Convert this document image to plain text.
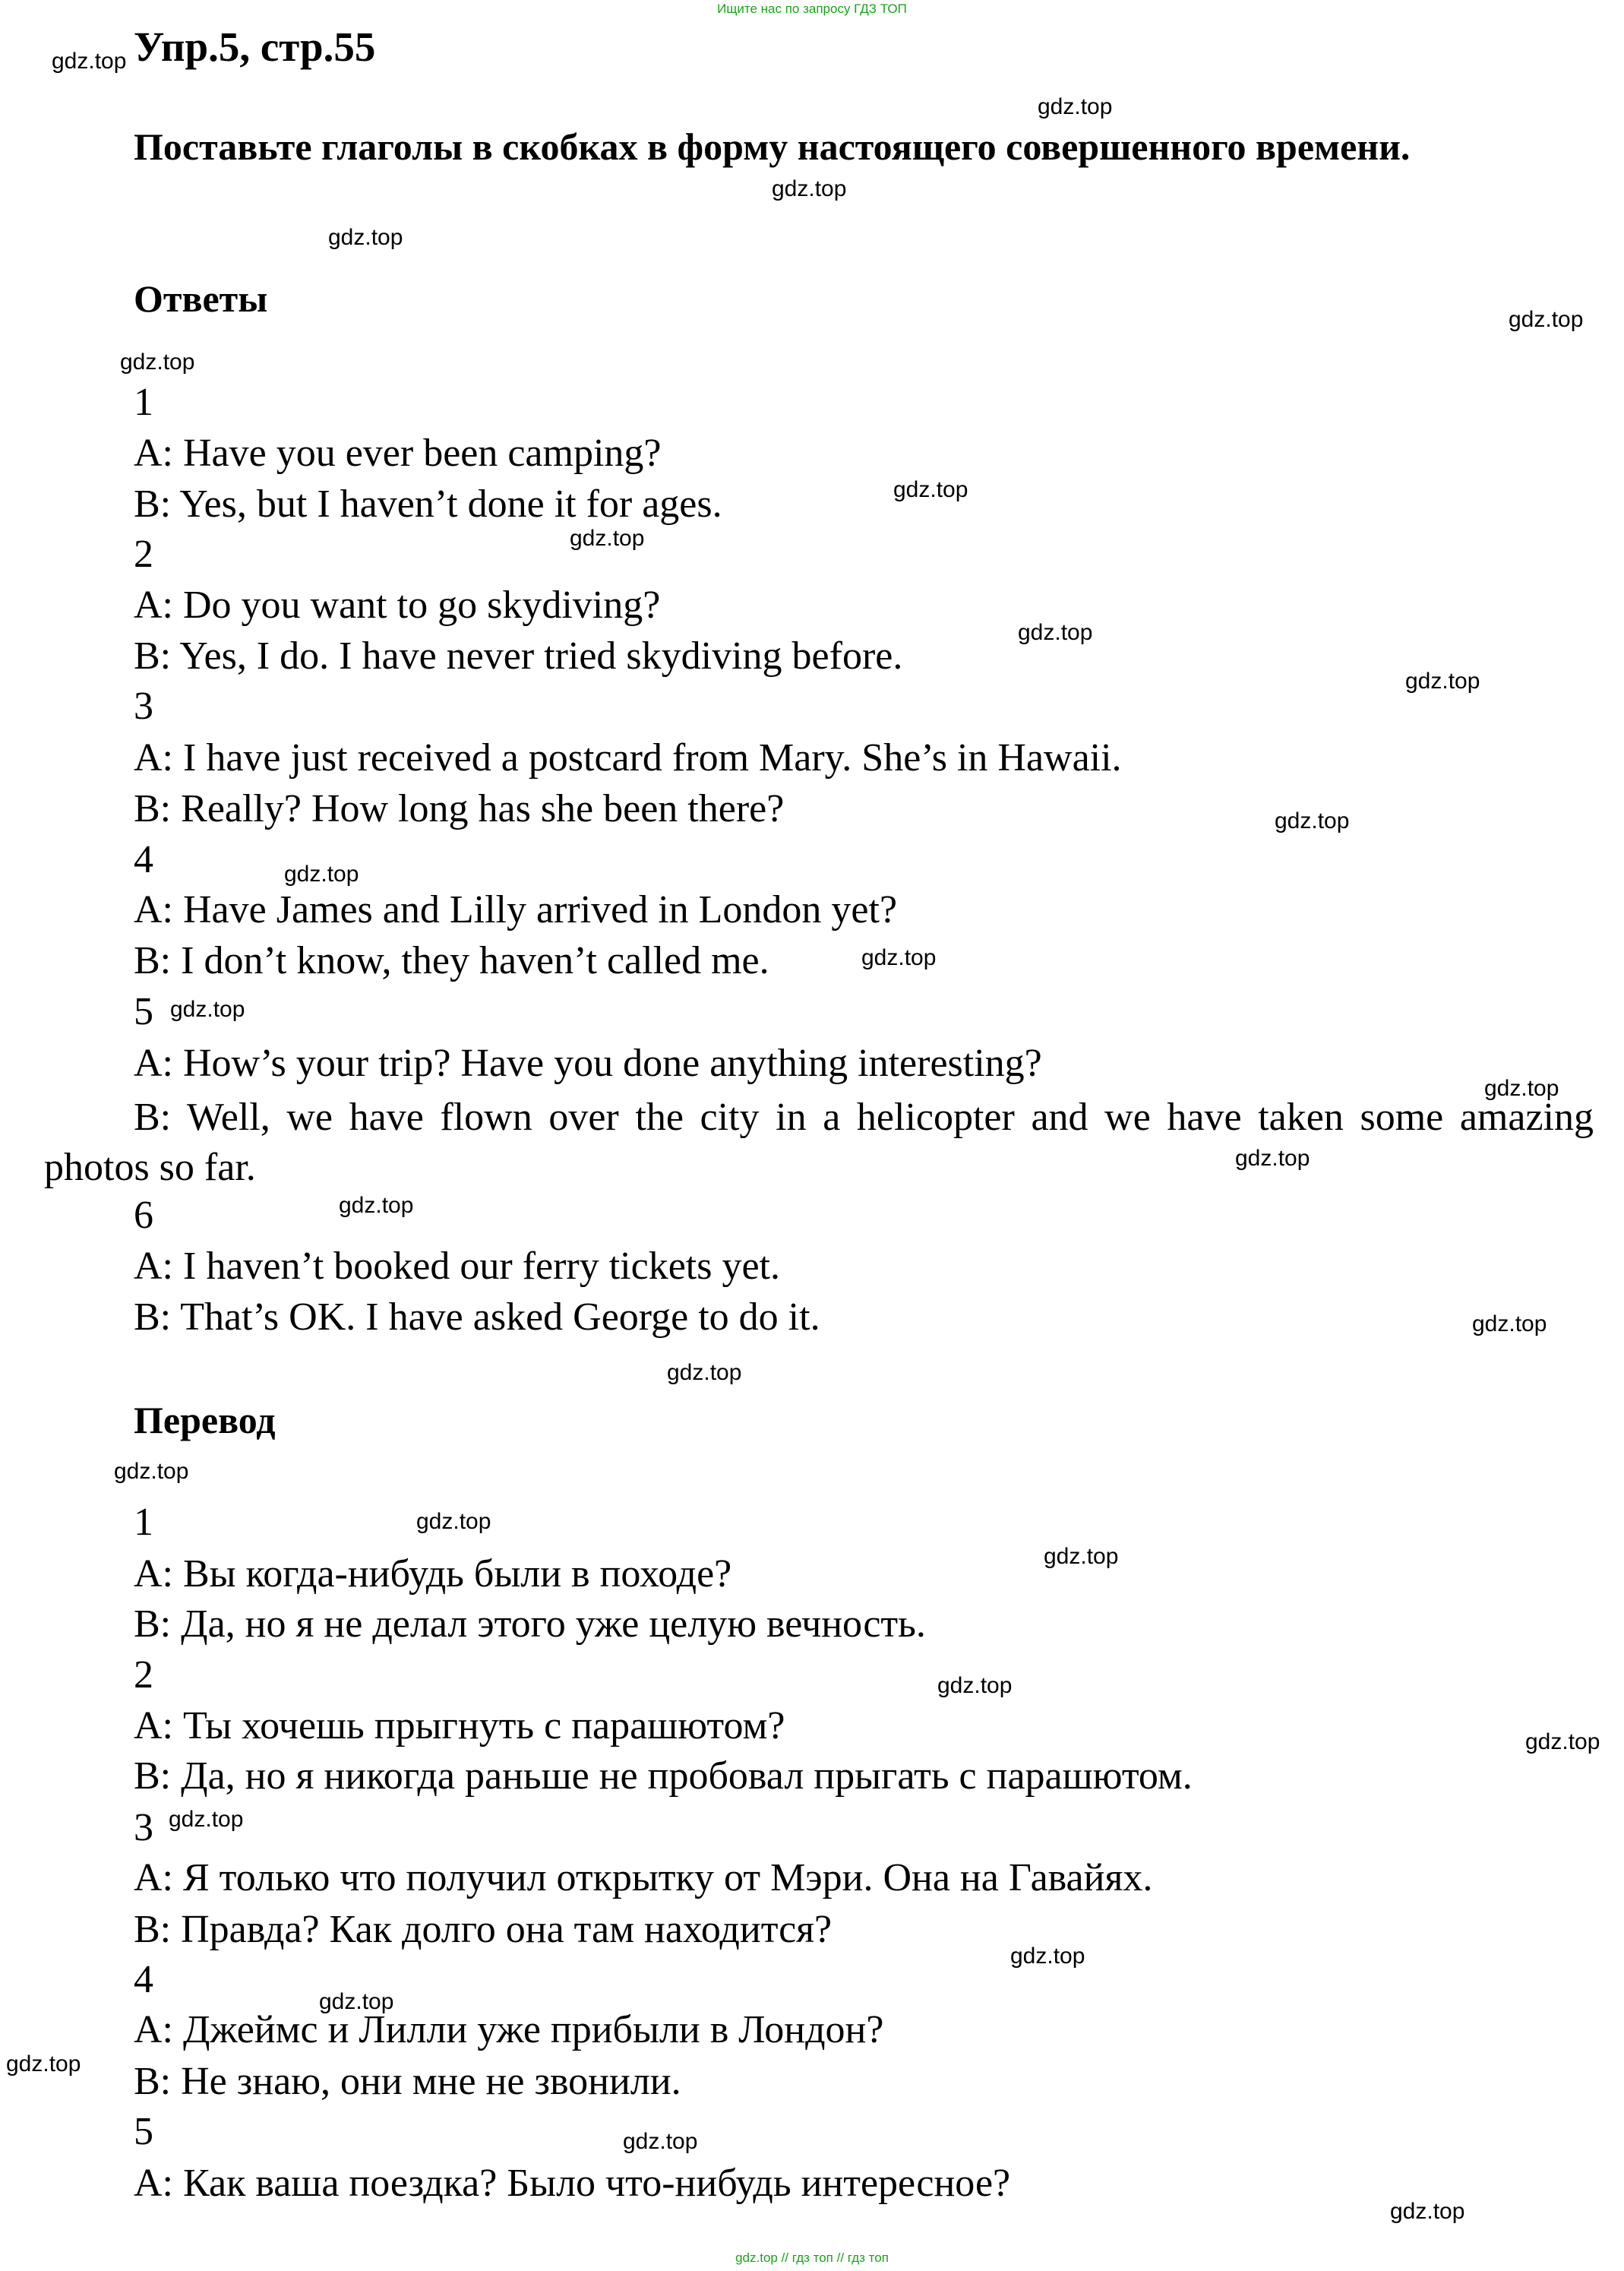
Ищите нас по запросу ГДЗ ТОП
Упр.5, стр.55
Поставьте глаголы в скобках в форму настоящего совершенного времени.
Ответы
1
A: Have you ever been camping?
B: Yes, but I haven’t done it for ages.
2
A: Do you want to go skydiving?
B: Yes, I do. I have never tried skydiving before.
3
A: I have just received a postcard from Mary. She’s in Hawaii.
B: Really? How long has she been there?
4
A: Have James and Lilly arrived in London yet?
B: I don’t know, they haven’t called me.
5
A: How’s your trip? Have you done anything interesting?
B: Well, we have flown over the city in a helicopter and we have taken some amazing photos so far.
6
A: I haven’t booked our ferry tickets yet.
B: That’s OK. I have asked George to do it.
Перевод
1
A: Вы когда-нибудь были в походе?
B: Да, но я не делал этого уже целую вечность.
2
A: Ты хочешь прыгнуть с парашютом?
B: Да, но я никогда раньше не пробовал прыгать с парашютом.
3
A: Я только что получил открытку от Мэри. Она на Гавайях.
B: Правда? Как долго она там находится?
4
A: Джеймс и Лилли уже прибыли в Лондон?
B: Не знаю, они мне не звонили.
5
A: Как ваша поездка? Было что-нибудь интересное?
gdz.top
gdz.top
gdz.top
gdz.top
gdz.top
gdz.top
gdz.top
gdz.top
gdz.top
gdz.top
gdz.top
gdz.top
gdz.top
gdz.top
gdz.top
gdz.top
gdz.top
gdz.top
gdz.top
gdz.top
gdz.top
gdz.top
gdz.top
gdz.top
gdz.top
gdz.top
gdz.top
gdz.top
gdz.top
gdz.top
gdz.top // гдз топ // гдз топ
